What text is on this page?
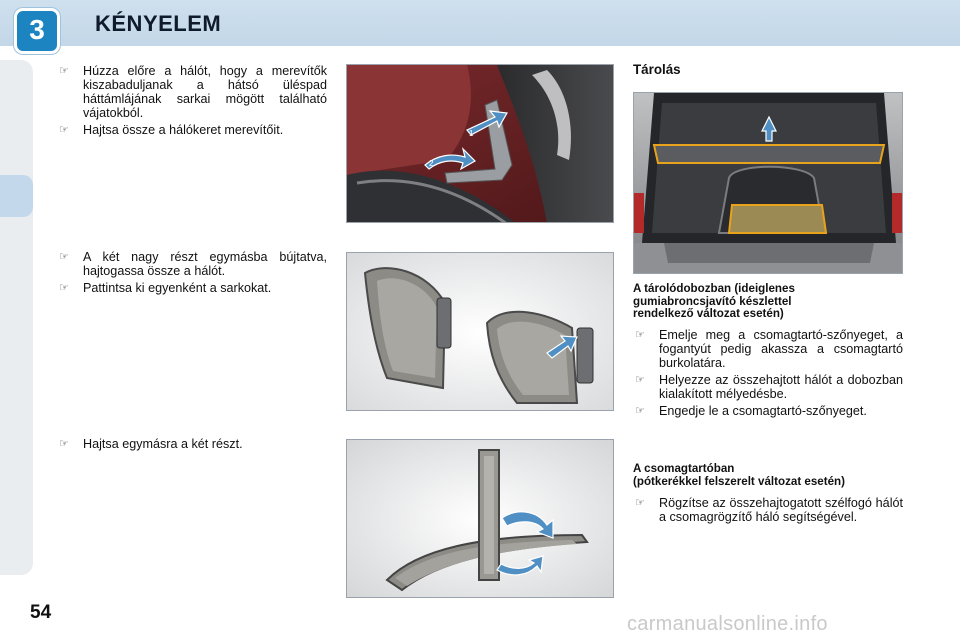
3	KÉNYELEM
☞ Húzza előre a hálót, hogy a merevítők kiszabaduljanak a hátsó üléspad háttámlájának sarkai mögött található vájatokból.
☞ Hajtsa össze a hálókeret merevítőit.
☞ A két nagy részt egymásba bújtatva, hajtogassa össze a hálót.
☞ Pattintsa ki egyenként a sarkokat.
☞ Hajtsa egymásra a két részt.
1
2
Tárolás
A tárolódobozban (ideiglenes
gumiabroncsjavító készlettel
rendelkező változat esetén)
☞ Emelje meg a csomagtartó-szőnyeget, a fogantyút pedig akassza a csomagtartó burkolatára.
☞ Helyezze az összehajtott hálót a dobozban kialakított mélyedésbe.
☞ Engedje le a csomagtartó-szőnyeget.
A csomagtartóban
(pótkerékkel felszerelt változat esetén)
☞ Rögzítse az összehajtogatott szélfogó hálót a csomagrögzítő háló segítségével.
54
carmanualsonline.info
